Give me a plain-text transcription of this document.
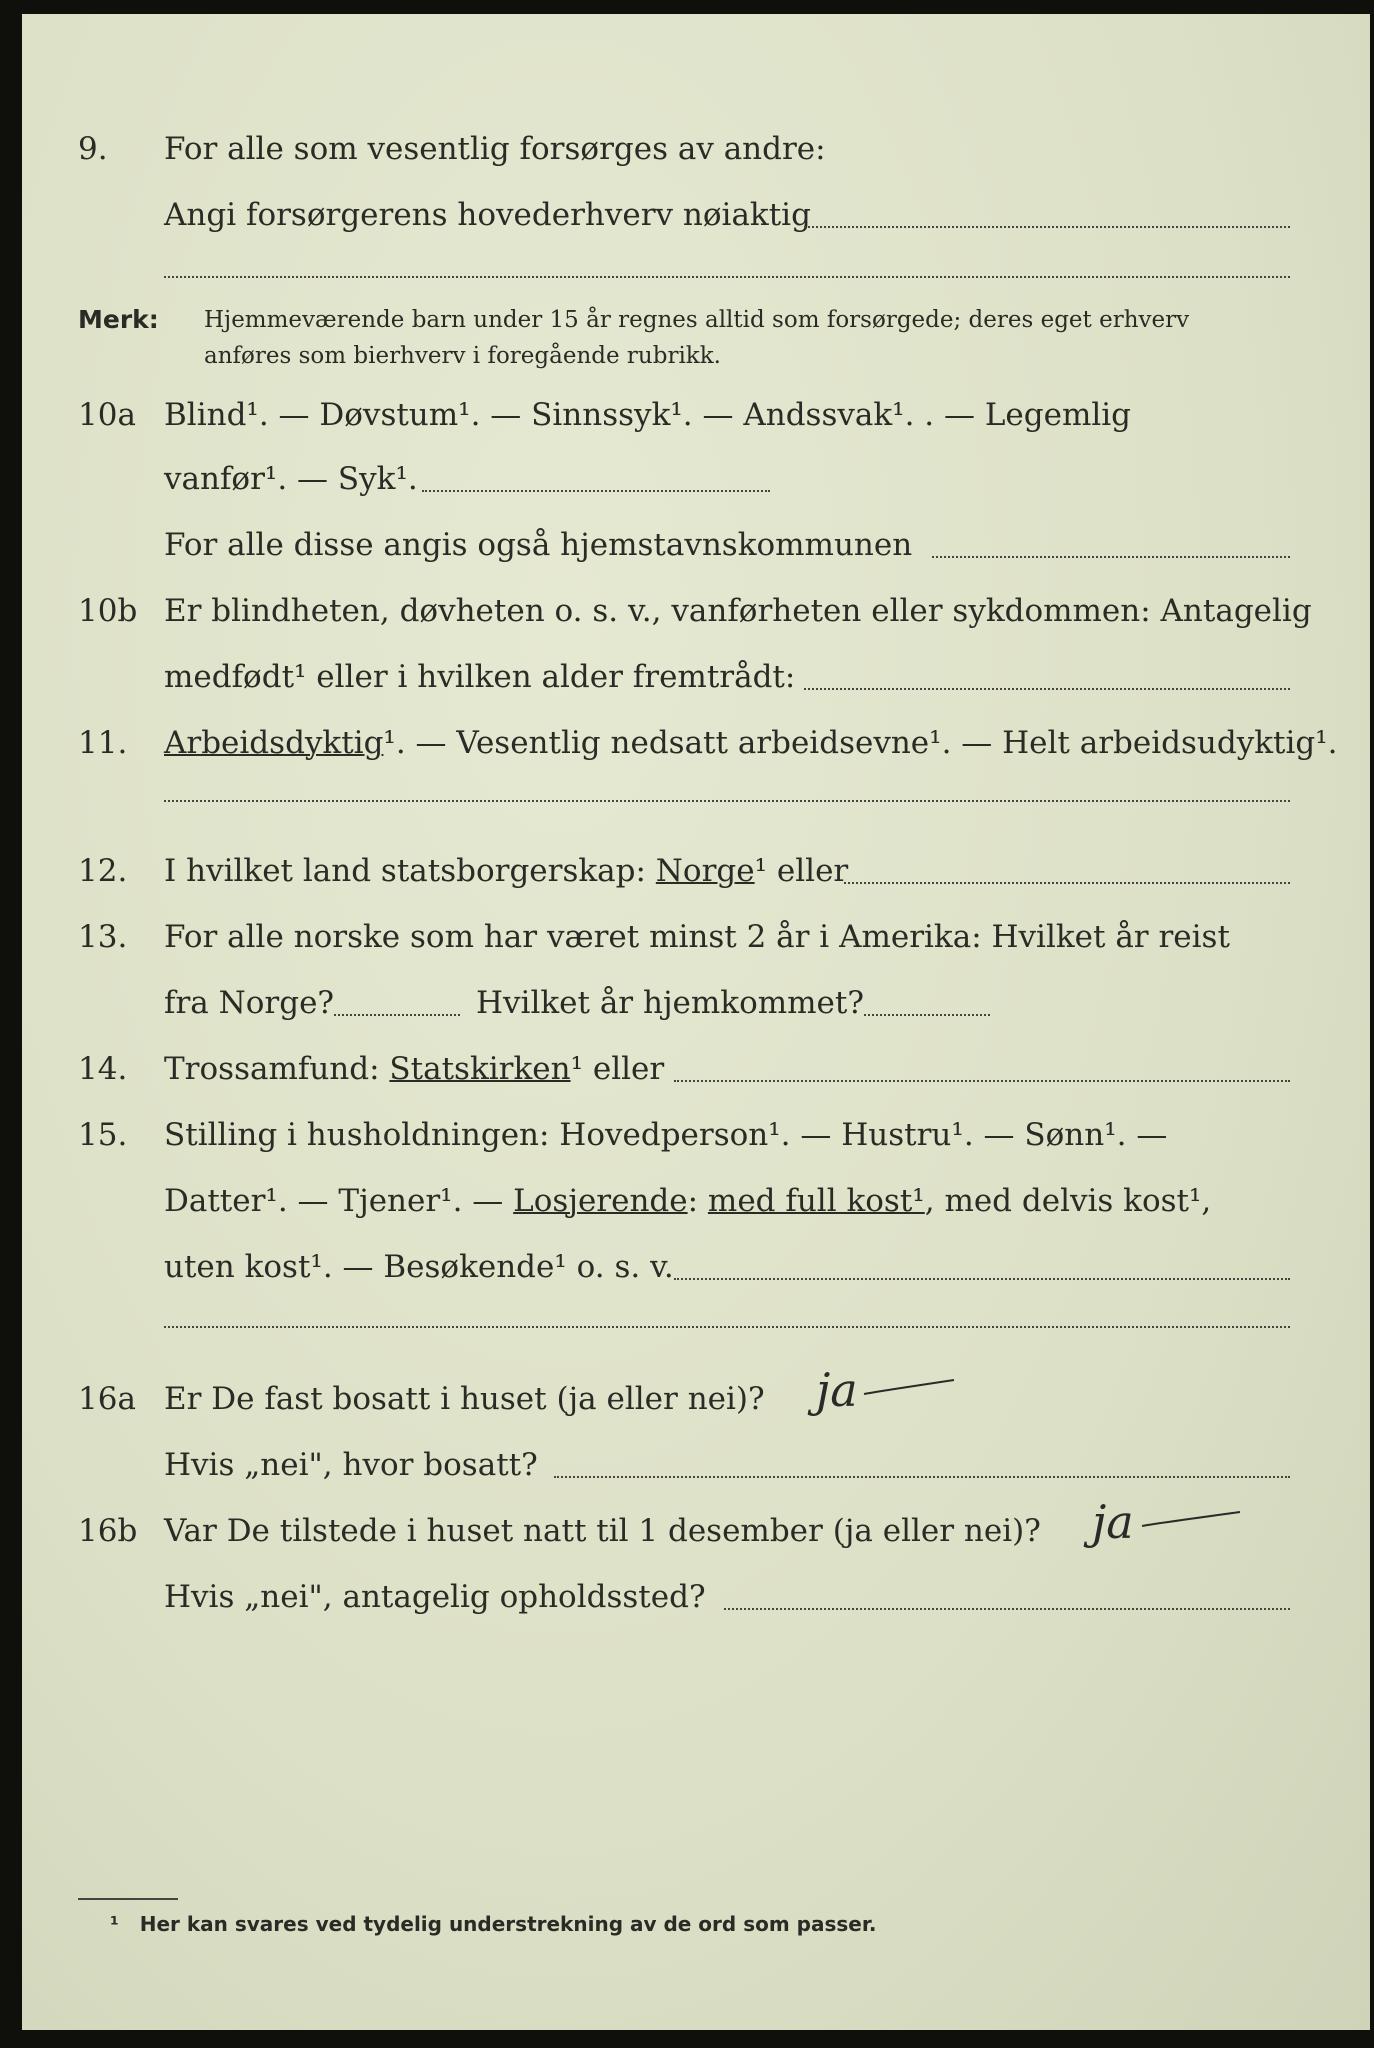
9. For alle som vesentlig forsørges av andre:
Angi forsørgerens hovederhverv nøiaktig
Merk: Hjemmeværende barn under 15 år regnes alltid som forsørgede; deres eget erhverv
anføres som bierhverv i foregående rubrikk.
10a Blind¹. — Døvstum¹. — Sinnssyk¹. — Andssvak¹. . — Legemlig
vanfør¹. — Syk¹.
For alle disse angis også hjemstavnskommunen
10b Er blindheten, døvheten o. s. v., vanførheten eller sykdommen: Antagelig
medfødt¹ eller i hvilken alder fremtrådt:
11. Arbeidsdyktig¹. — Vesentlig nedsatt arbeidsevne¹. — Helt arbeidsudyktig¹.
12. I hvilket land statsborgerskap: Norge¹ eller
13. For alle norske som har været minst 2 år i Amerika: Hvilket år reist
fra Norge?	Hvilket år hjemkommet?
14. Trossamfund: Statskirken¹ eller
15. Stilling i husholdningen: Hovedperson¹. — Hustru¹. — Sønn¹. —
Datter¹. — Tjener¹. — Losjerende: med full kost¹, med delvis kost¹,
uten kost¹. — Besøkende¹ o. s. v.
16a Er De fast bosatt i huset (ja eller nei)? ja
Hvis „nei", hvor bosatt?
16b Var De tilstede i huset natt til 1 desember (ja eller nei)? ja
Hvis „nei", antagelig opholdssted?
¹ Her kan svares ved tydelig understrekning av de ord som passer.
